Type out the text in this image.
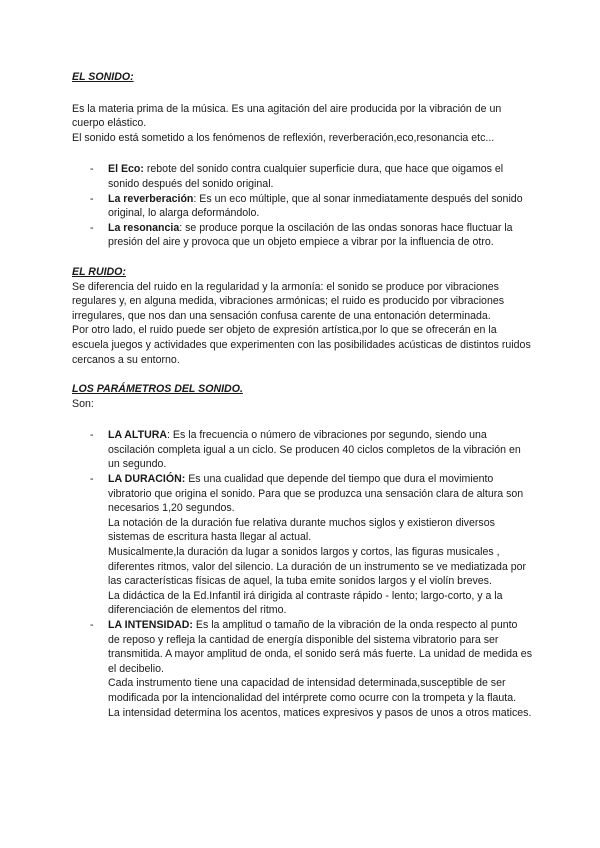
EL SONIDO:

Es la materia prima de la música. Es una agitación del aire producida por la vibración de un cuerpo elástico.

El sonido está sometido a los fenómenos de reflexión, reverberación,eco,resonancia etc...

- El Eco: rebote del sonido contra cualquier superficie dura, que hace que oigamos el sonido después del sonido original.
- La reverberación: Es un eco múltiple, que al sonar inmediatamente después del sonido original, lo alarga deformándolo.
- La resonancia: se produce porque la oscilación de las ondas sonoras hace fluctuar la presión del aire y provoca que un objeto empiece a vibrar por la influencia de otro.

EL RUIDO:

Se diferencia del ruido en la regularidad y la armonía: el sonido se produce por vibraciones regulares y, en alguna medida, vibraciones armónicas; el ruido es producido por vibraciones irregulares, que nos dan una sensación confusa carente de una entonación determinada.

Por otro lado, el ruido puede ser objeto de expresión artística,por lo que se ofrecerán en la escuela juegos y actividades que experimenten con las posibilidades acústicas de distintos ruidos cercanos a su entorno.

LOS PARÁMETROS DEL SONIDO.

Son:

- LA ALTURA: Es la frecuencia o número de vibraciones por segundo, siendo una oscilación completa igual a un ciclo. Se producen 40 ciclos completos de la vibración en un segundo.
- LA DURACIÓN: Es una cualidad que depende del tiempo que dura el movimiento vibratorio que origina el sonido. Para que se produzca una sensación clara de altura son necesarios 1,20 segundos.

La notación de la duración fue relativa durante muchos siglos y existieron diversos sistemas de escritura hasta llegar al actual.

Musicalmente,la duración da lugar a sonidos largos y cortos, las figuras musicales , diferentes ritmos, valor del silencio. La duración de un instrumento se ve mediatizada por las características físicas de aquel, la tuba emite sonidos largos y el violín breves.

La didáctica de la Ed.Infantil irá dirigida al contraste rápido - lento; largo-corto, y a la diferenciación de elementos del ritmo.

- LA INTENSIDAD: Es la amplitud o tamaño de la vibración de la onda respecto al punto de reposo y refleja la cantidad de energía disponible del sistema vibratorio para ser transmitida. A mayor amplitud de onda, el sonido será más fuerte. La unidad de medida es el decibelio.

Cada instrumento tiene una capacidad de intensidad determinada,susceptible de ser modificada por la intencionalidad del intérprete como ocurre con la trompeta y la flauta.

La intensidad determina los acentos, matices expresivos y pasos de unos a otros matices.
